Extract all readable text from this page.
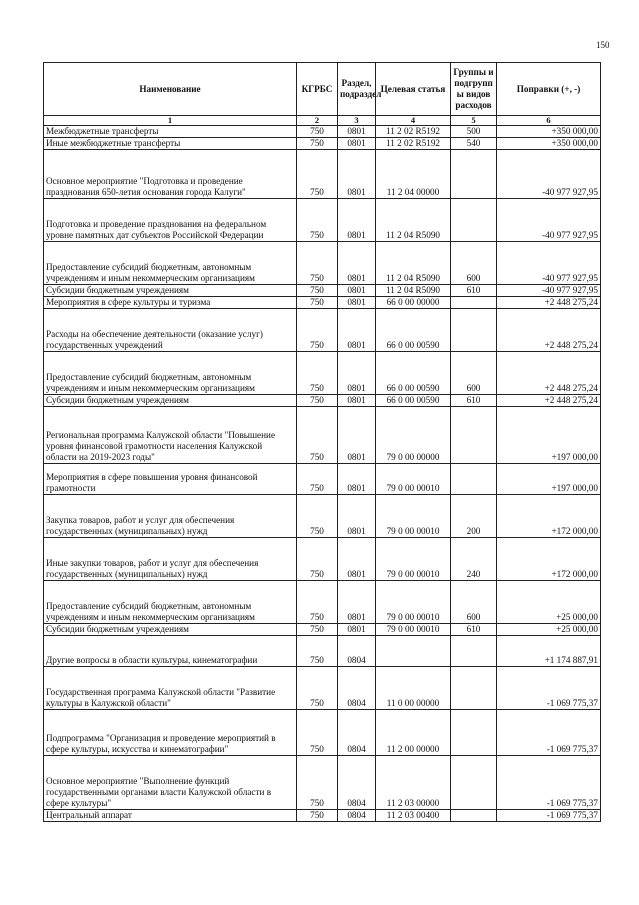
150
Наименование	КГРБС	Раздел, подраздел	Целевая статья	Группы и подгрупп ы видов расходов	Поправки (+, -)
1	2	3	4	5	6
Межбюджетные трансферты	750	0801	11 2 02 R5192	500	+350 000,00
Иные межбюджетные трансферты	750	0801	11 2 02 R5192	540	+350 000,00
Основное мероприятие "Подготовка и проведение празднования 650-летия основания города Калуги"	750	0801	11 2 04 00000		-40 977 927,95
Подготовка и проведение празднования на федеральном уровне памятных дат субъектов Российской Федерации	750	0801	11 2 04 R5090		-40 977 927,95
Предоставление субсидий бюджетным, автономным учреждениям и иным некоммерческим организациям	750	0801	11 2 04 R5090	600	-40 977 927,95
Субсидии бюджетным учреждениям	750	0801	11 2 04 R5090	610	-40 977 927,95
Мероприятия в сфере культуры и туризма	750	0801	66 0 00 00000		+2 448 275,24
Расходы на обеспечение деятельности (оказание услуг) государственных учреждений	750	0801	66 0 00 00590		+2 448 275,24
Предоставление субсидий бюджетным, автономным учреждениям и иным некоммерческим организациям	750	0801	66 0 00 00590	600	+2 448 275,24
Субсидии бюджетным учреждениям	750	0801	66 0 00 00590	610	+2 448 275,24
Региональная программа Калужской области "Повышение уровня финансовой грамотности населения Калужской области на 2019-2023 годы"	750	0801	79 0 00 00000		+197 000,00
Мероприятия в сфере повышения уровня финансовой грамотности	750	0801	79 0 00 00010		+197 000,00
Закупка товаров, работ и услуг для обеспечения государственных (муниципальных) нужд	750	0801	79 0 00 00010	200	+172 000,00
Иные закупки товаров, работ и услуг для обеспечения государственных (муниципальных) нужд	750	0801	79 0 00 00010	240	+172 000,00
Предоставление субсидий бюджетным, автономным учреждениям и иным некоммерческим организациям	750	0801	79 0 00 00010	600	+25 000,00
Субсидии бюджетным учреждениям	750	0801	79 0 00 00010	610	+25 000,00
Другие вопросы в области культуры, кинематографии	750	0804			+1 174 887,91
Государственная программа Калужской области "Развитие культуры в Калужской области"	750	0804	11 0 00 00000		-1 069 775,37
Подпрограмма "Организация и проведение мероприятий в сфере культуры, искусства и кинематографии"	750	0804	11 2 00 00000		-1 069 775,37
Основное мероприятие "Выполнение функций государственными органами власти Калужской области в сфере культуры"	750	0804	11 2 03 00000		-1 069 775,37
Центральный аппарат	750	0804	11 2 03 00400		-1 069 775,37
